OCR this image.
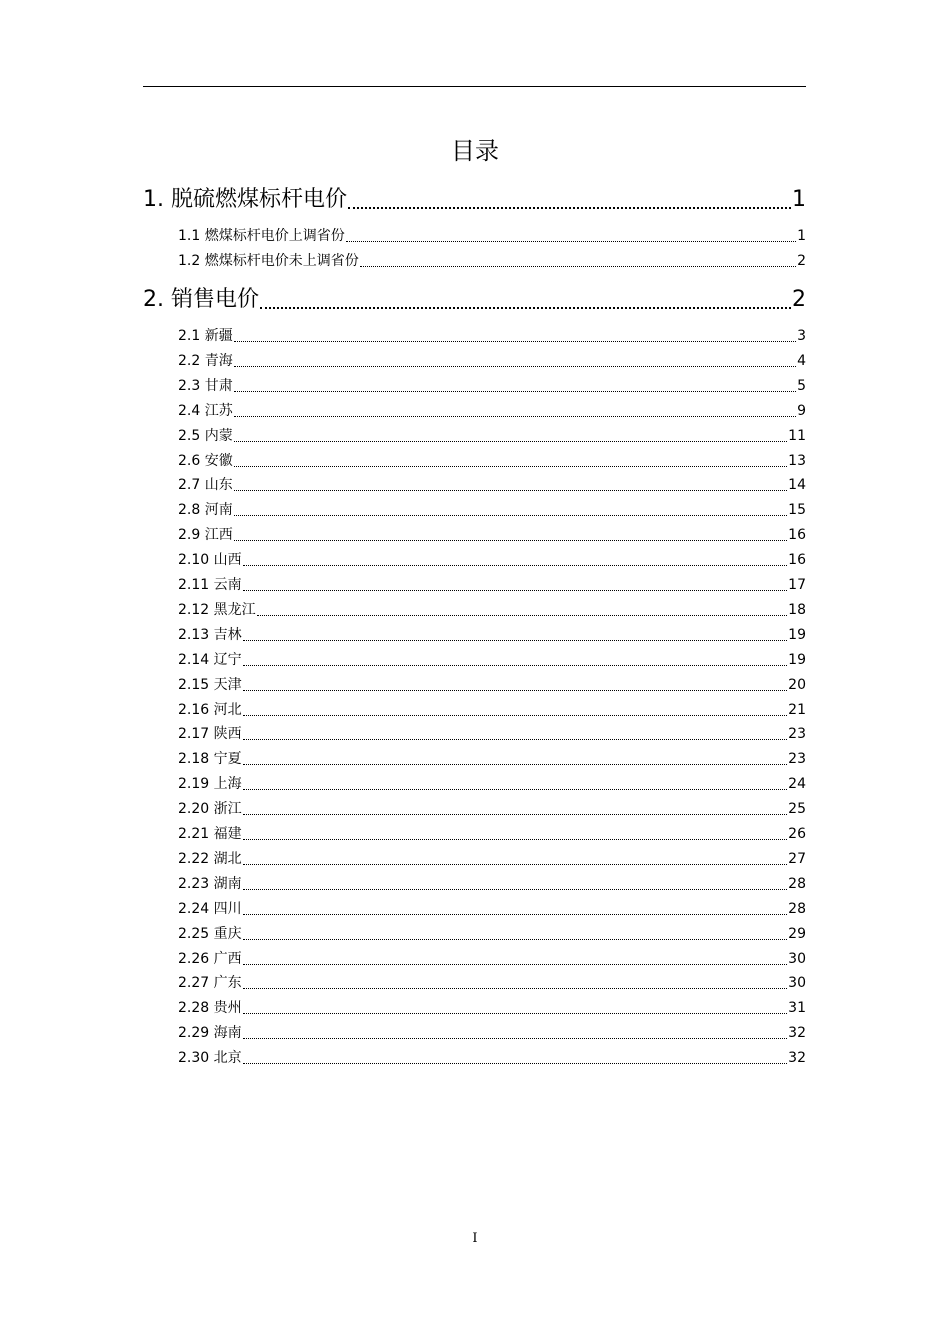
目录
1. 脱硫燃煤标杆电价	1
1.1 燃煤标杆电价上调省份	1
1.2 燃煤标杆电价未上调省份	2
2. 销售电价	2
2.1 新疆	3
2.2 青海	4
2.3 甘肃	5
2.4 江苏	9
2.5 内蒙	11
2.6 安徽	13
2.7 山东	14
2.8 河南	15
2.9 江西	16
2.10 山西	16
2.11 云南	17
2.12 黑龙江	18
2.13 吉林	19
2.14 辽宁	19
2.15 天津	20
2.16 河北	21
2.17 陕西	23
2.18 宁夏	23
2.19 上海	24
2.20 浙江	25
2.21 福建	26
2.22 湖北	27
2.23 湖南	28
2.24 四川	28
2.25 重庆	29
2.26 广西	30
2.27 广东	30
2.28 贵州	31
2.29 海南	32
2.30 北京	32
I
